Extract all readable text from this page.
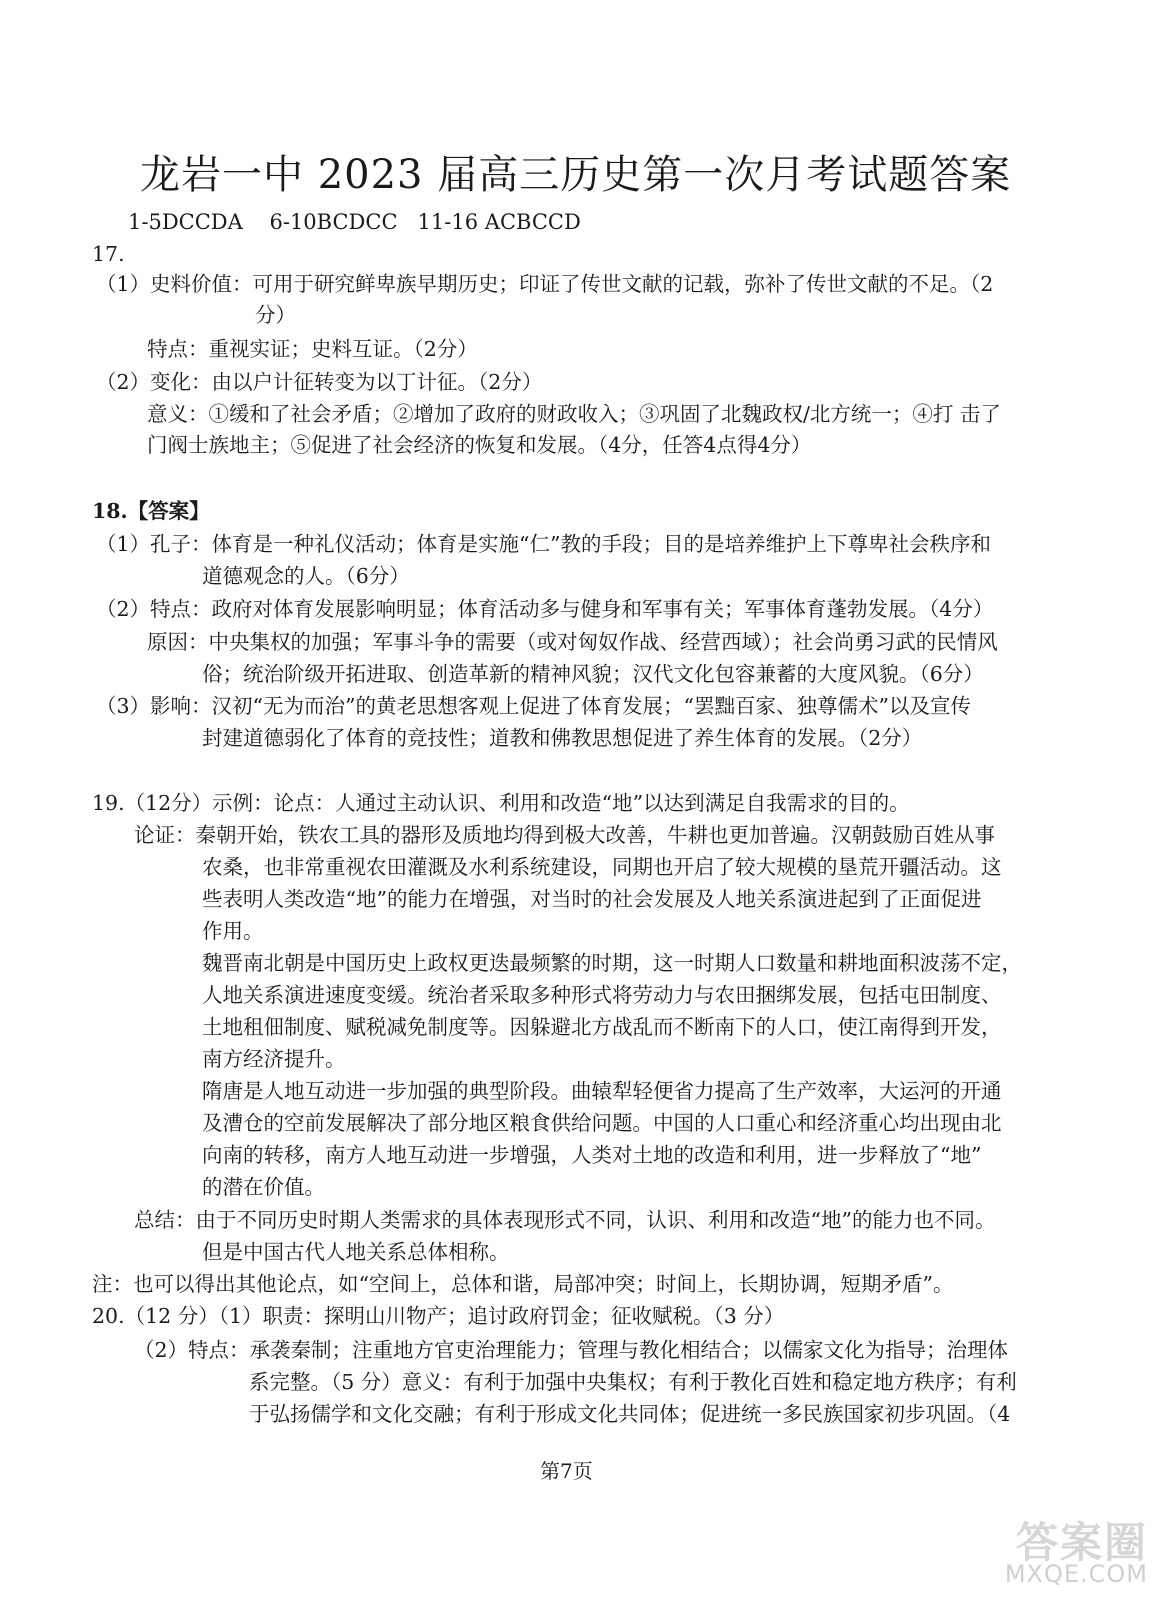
龙岩一中 2023 届高三历史第一次月考试题答案
1-5DCCDA    6-10BCDCC   11-16 ACBCCD
17.
（1）史料价值：可用于研究鲜卑族早期历史；印证了传世文献的记载，弥补了传世文献的不足。（2
分）
特点：重视实证；史料互证。（2分）
（2）变化：由以户计征转变为以丁计征。（2分）
意义：①缓和了社会矛盾；②增加了政府的财政收入；③巩固了北魏政权/北方统一；④打 击了
门阀士族地主；⑤促进了社会经济的恢复和发展。（4分，任答4点得4分）
18.【答案】
（1）孔子：体育是一种礼仪活动；体育是实施“仁”教的手段；目的是培养维护上下尊卑社会秩序和
道德观念的人。（6分）
（2）特点：政府对体育发展影响明显；体育活动多与健身和军事有关；军事体育蓬勃发展。（4分）
原因：中央集权的加强；军事斗争的需要（或对匈奴作战、经营西域）；社会尚勇习武的民情风
俗；统治阶级开拓进取、创造革新的精神风貌；汉代文化包容兼蓄的大度风貌。（6分）
（3）影响：汉初“无为而治”的黄老思想客观上促进了体育发展；“罢黜百家、独尊儒术”以及宣传
封建道德弱化了体育的竞技性；道教和佛教思想促进了养生体育的发展。（2分）
19.（12分）示例：论点：人通过主动认识、利用和改造“地”以达到满足自我需求的目的。
论证：秦朝开始，铁农工具的器形及质地均得到极大改善，牛耕也更加普遍。汉朝鼓励百姓从事
农桑，也非常重视农田灌溉及水利系统建设，同期也开启了较大规模的垦荒开疆活动。这
些表明人类改造“地”的能力在增强，对当时的社会发展及人地关系演进起到了正面促进
作用。
魏晋南北朝是中国历史上政权更迭最频繁的时期，这一时期人口数量和耕地面积波荡不定，
人地关系演进速度变缓。统治者采取多种形式将劳动力与农田捆绑发展，包括屯田制度、
土地租佃制度、赋税减免制度等。因躲避北方战乱而不断南下的人口，使江南得到开发，
南方经济提升。
隋唐是人地互动进一步加强的典型阶段。曲辕犁轻便省力提高了生产效率，大运河的开通
及漕仓的空前发展解决了部分地区粮食供给问题。中国的人口重心和经济重心均出现由北
向南的转移，南方人地互动进一步增强，人类对土地的改造和利用，进一步释放了“地”
的潜在价值。
总结：由于不同历史时期人类需求的具体表现形式不同，认识、利用和改造“地”的能力也不同。
但是中国古代人地关系总体相称。
注：也可以得出其他论点，如“空间上，总体和谐，局部冲突；时间上，长期协调，短期矛盾”。
20.（12 分）（1）职责：探明山川物产；追讨政府罚金；征收赋税。（3 分）
（2）特点：承袭秦制；注重地方官吏治理能力；管理与教化相结合；以儒家文化为指导；治理体
系完整。（5 分）意义：有利于加强中央集权；有利于教化百姓和稳定地方秩序；有利
于弘扬儒学和文化交融；有利于形成文化共同体；促进统一多民族国家初步巩固。（4
第7页
答案圈
MXQE.COM
